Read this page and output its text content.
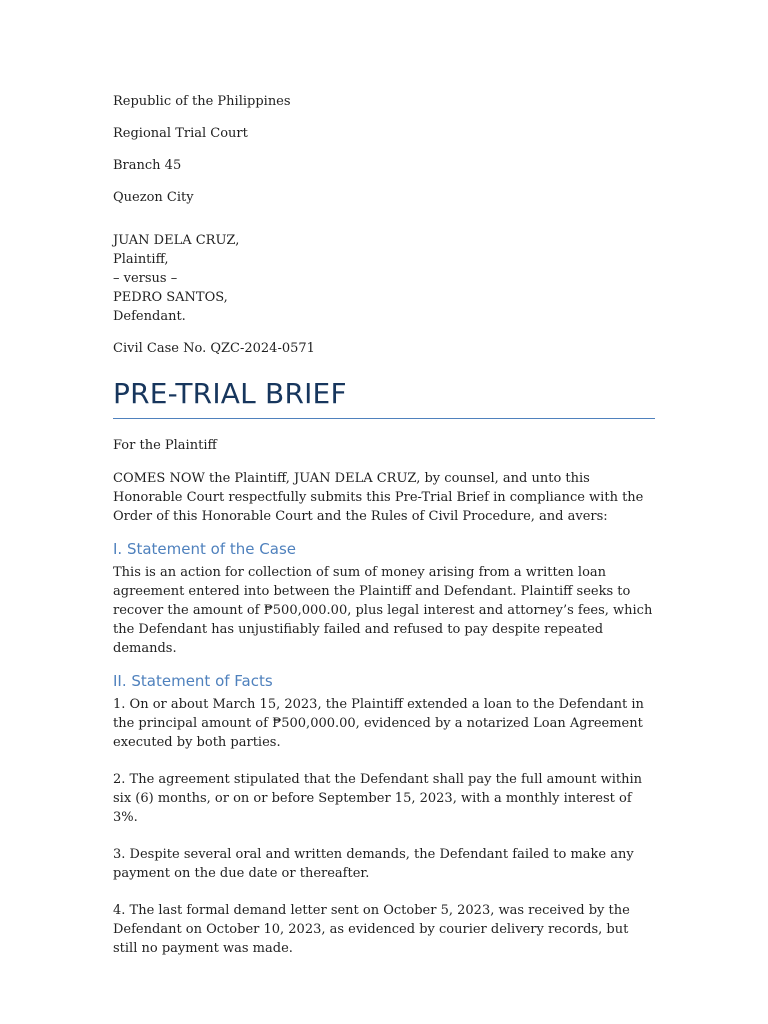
Republic of the Philippines

Regional Trial Court

Branch 45

Quezon City

JUAN DELA CRUZ,
Plaintiff,
– versus –
PEDRO SANTOS,
Defendant.
Civil Case No. QZC-2024-0571
PRE-TRIAL BRIEF

For the Plaintiff

COMES NOW the Plaintiff, JUAN DELA CRUZ, by counsel, and unto this Honorable Court respectfully submits this Pre-Trial Brief in compliance with the Order of this Honorable Court and the Rules of Civil Procedure, and avers:

I. Statement of the Case

This is an action for collection of sum of money arising from a written loan agreement entered into between the Plaintiff and Defendant. Plaintiff seeks to recover the amount of ₱500,000.00, plus legal interest and attorney’s fees, which the Defendant has unjustifiably failed and refused to pay despite repeated demands.

II. Statement of Facts

1. On or about March 15, 2023, the Plaintiff extended a loan to the Defendant in the principal amount of ₱500,000.00, evidenced by a notarized Loan Agreement executed by both parties.

2. The agreement stipulated that the Defendant shall pay the full amount within six (6) months, or on or before September 15, 2023, with a monthly interest of 3%.

3. Despite several oral and written demands, the Defendant failed to make any payment on the due date or thereafter.

4. The last formal demand letter sent on October 5, 2023, was received by the Defendant on October 10, 2023, as evidenced by courier delivery records, but still no payment was made.
